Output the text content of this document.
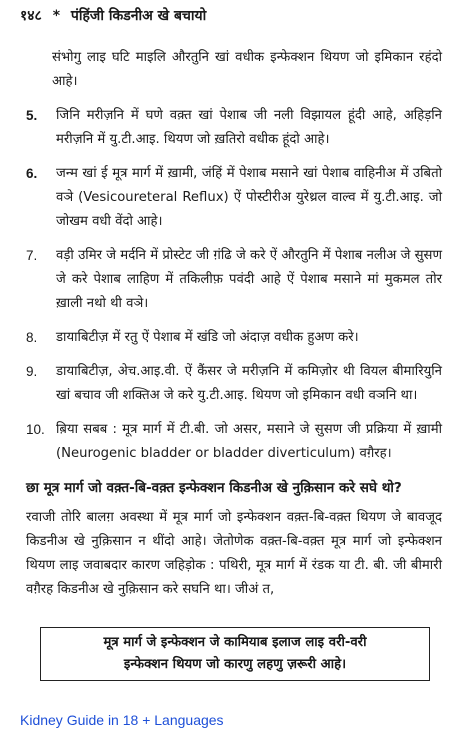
१४८ * पंहिंजी किडनीअ खे बचायो
संभोगु लाइ घटि माइलि औरतुनि खां वधीक इन्फेक्शन थियण जो इमिकान रहंदो आहे।
5. जिनि मरीज़नि में घणे वक़्त खां पेशाब जी नली विझायल हूंदी आहे, अहिड़नि मरीज़नि में यु.टी.आइ. थियण जो ख़तिरो वधीक हूंदो आहे।
6. जन्म खां ई मूत्र मार्ग में ख़ामी, जंहिं में पेशाब मसाने खां पेशाब वाहिनीअ में उबितो वञे (Vesicoureteral Reflux) ऐं पोस्टीरीअ युरेथ्रल वाल्व में यु.टी.आइ. जो जोखम वधी वेंदो आहे।
7. वड़ी उमिर जे मर्दनि में प्रोस्टेट जी ग़ंढि जे करे ऐं औरतुनि में पेशाब नलीअ जे सुसण जे करे पेशाब लाहिण में तकिलीफ़ पवंदी आहे ऐं पेशाब मसाने मां मुकमल तोर ख़ाली नथो थी वञे।
8. डायाबिटीज़ में रतु ऐं पेशाब में खंडि जो अंदाज़ वधीक हुअण करे।
9. डायाबिटीज़, अेच.आइ.वी. ऐं कैंसर जे मरीज़नि में कमिज़ोर थी वियल बीमारियुनि खां बचाव जी शक्तिअ जे करे यु.टी.आइ. थियण जो इमिकान वधी वञनि था।
10. ब़िया सबब : मूत्र मार्ग में टी.बी. जो असर, मसाने जे सुसण जी प्रक्रिया में ख़ामी (Neurogenic bladder or bladder diverticulum) वग़ैरह।
छा मूत्र मार्ग जो वक़्त-बि-वक़्त इन्फेक्शन किडनीअ खे नुक़िसान करे सघे थो?
रवाजी तोरि बालग़ अवस्था में मूत्र मार्ग जो इन्फेक्शन वक़्त-बि-वक़्त थियण जे बावजूद किडनीअ खे नुक़िसान न थींदो आहे। जेतोणेक वक़्त-बि-वक़्त मूत्र मार्ग जो इन्फेक्शन थियण लाइ जवाबदार कारण जहिड़ोक : पथिरी, मूत्र मार्ग में रंडक या टी. बी. जी बीमारी वग़ैरह किडनीअ खे नुक़िसान करे सघनि था। जीअं त,
मूत्र मार्ग जे इन्फेक्शन जे कामियाब इलाज लाइ वरी-वरी
इन्फेक्शन थियण जो कारणु लहणु ज़रूरी आहे।
Kidney Guide in 18 + Languages
